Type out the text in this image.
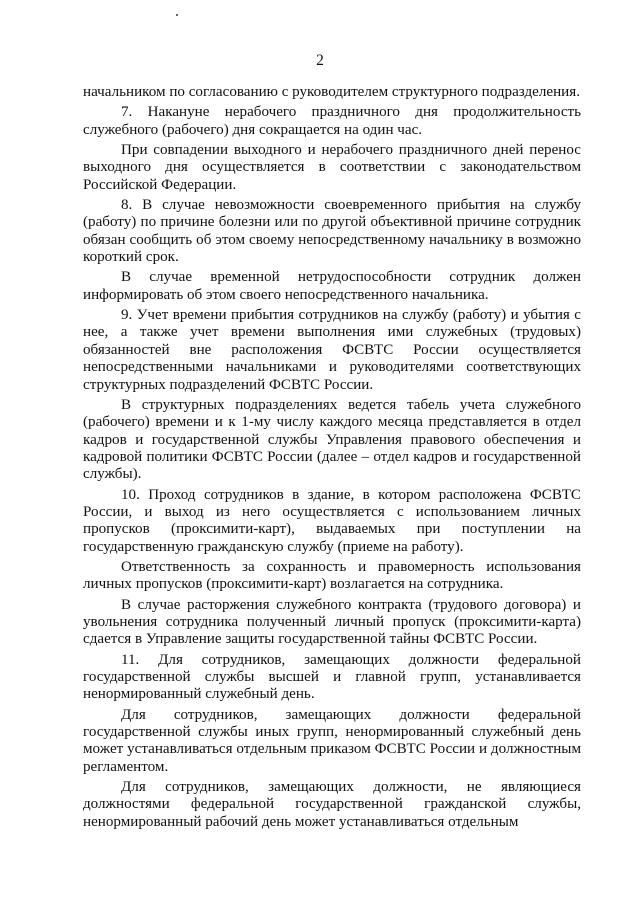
2

начальником по согласованию с руководителем структурного подразделения.

7. Накануне нерабочего праздничного дня продолжительность служебного (рабочего) дня сокращается на один час.

При совпадении выходного и нерабочего праздничного дней перенос выходного дня осуществляется в соответствии с законодательством Российской Федерации.

8. В случае невозможности своевременного прибытия на службу (работу) по причине болезни или по другой объективной причине сотрудник обязан сообщить об этом своему непосредственному начальнику в возможно короткий срок.

В случае временной нетрудоспособности сотрудник должен информировать об этом своего непосредственного начальника.

9. Учет времени прибытия сотрудников на службу (работу) и убытия с нее, а также учет времени выполнения ими служебных (трудовых) обязанностей вне расположения ФСВТС России осуществляется непосредственными начальниками и руководителями соответствующих структурных подразделений ФСВТС России.

В структурных подразделениях ведется табель учета служебного (рабочего) времени и к 1-му числу каждого месяца представляется в отдел кадров и государственной службы Управления правового обеспечения и кадровой политики ФСВТС России (далее – отдел кадров и государственной службы).

10. Проход сотрудников в здание, в котором расположена ФСВТС России, и выход из него осуществляется с использованием личных пропусков (проксимити-карт), выдаваемых при поступлении на государственную гражданскую службу (приеме на работу).

Ответственность за сохранность и правомерность использования личных пропусков (проксимити-карт) возлагается на сотрудника.

В случае расторжения служебного контракта (трудового договора) и увольнения сотрудника полученный личный пропуск (проксимити-карта) сдается в Управление защиты государственной тайны ФСВТС России.

11. Для сотрудников, замещающих должности федеральной государственной службы высшей и главной групп, устанавливается ненормированный служебный день.

Для сотрудников, замещающих должности федеральной государственной службы иных групп, ненормированный служебный день может устанавливаться отдельным приказом ФСВТС России и должностным регламентом.

Для сотрудников, замещающих должности, не являющиеся должностями федеральной государственной гражданской службы, ненормированный рабочий день может устанавливаться отдельным
